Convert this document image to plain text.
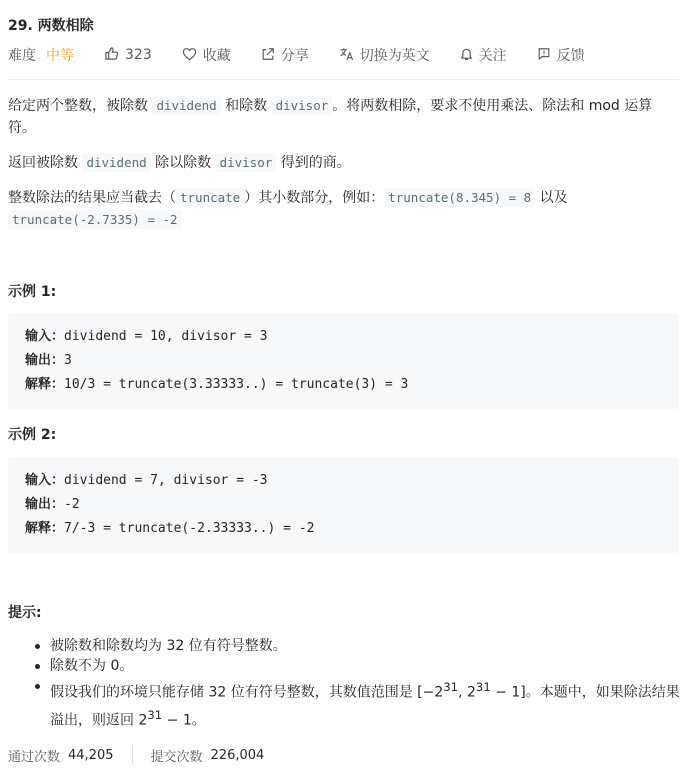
29. 两数相除
难度 中等	323	收藏	分享	切换为英文	关注	反馈
给定两个整数，被除数 dividend 和除数 divisor 。将两数相除，要求不使用乘法、除法和 mod 运算符。
返回被除数 dividend 除以除数 divisor 得到的商。
整数除法的结果应当截去（ truncate ）其小数部分，例如： truncate(8.345) = 8 以及 truncate(-2.7335) = -2
示例 1:
输入：dividend = 10, divisor = 3
输出：3
解释：10/3 = truncate(3.33333..) = truncate(3) = 3
示例 2:
输入：dividend = 7, divisor = -3
输出：-2
解释：7/-3 = truncate(-2.33333..) = -2
提示:
被除数和除数均为 32 位有符号整数。
除数不为 0。
假设我们的环境只能存储 32 位有符号整数，其数值范围是 [$-2^{31}$, $2^{31} - 1$]。本题中，如果除法结果溢出，则返回 $2^{31} - 1$。
通过次数 44,205	提交次数 226,004
